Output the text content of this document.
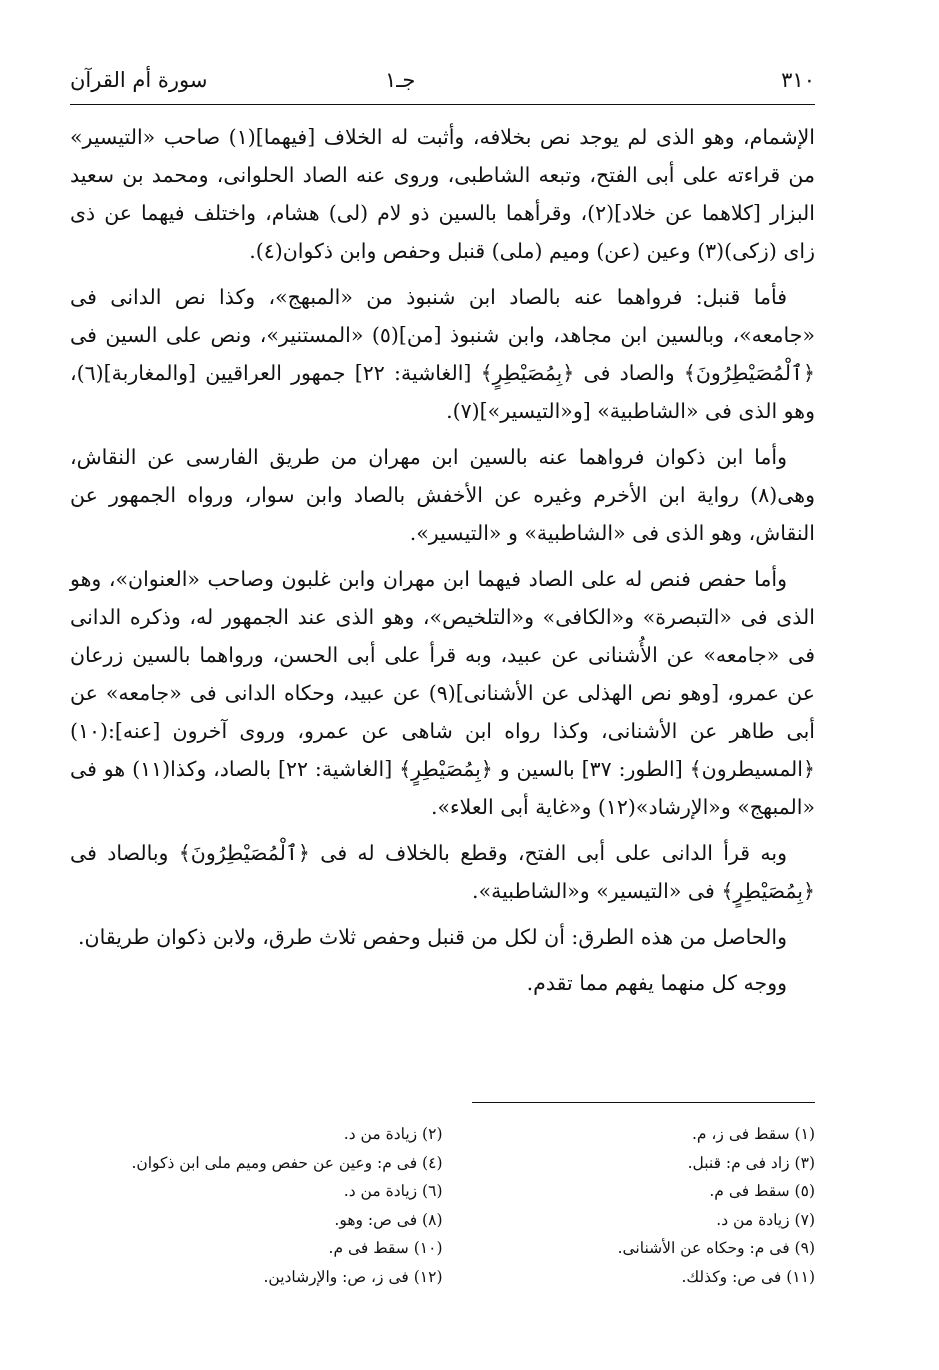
٣١٠
جـ١
سورة أم القرآن

الإشمام، وهو الذى لم يوجد نص بخلافه، وأثبت له الخلاف [فيهما](١) صاحب «التيسير» من قراءته على أبى الفتح، وتبعه الشاطبى، وروى عنه الصاد الحلوانى، ومحمد بن سعيد البزار [كلاهما عن خلاد](٢)، وقرأهما بالسين ذو لام (لى) هشام، واختلف فيهما عن ذى زاى (زكى)(٣) وعين (عن) وميم (ملى) قنبل وحفص وابن ذكوان(٤).

فأما قنبل: فرواهما عنه بالصاد ابن شنبوذ من «المبهج»، وكذا نص الدانى فى «جامعه»، وبالسين ابن مجاهد، وابن شنبوذ [من](٥) «المستنير»، ونص على السين فى ﴿ٱلْمُصَيْطِرُونَ﴾ والصاد فى ﴿بِمُصَيْطِرٍ﴾ [الغاشية: ٢٢] جمهور العراقيين [والمغاربة](٦)، وهو الذى فى «الشاطبية» [و«التيسير»](٧).

وأما ابن ذكوان فرواهما عنه بالسين ابن مهران من طريق الفارسى عن النقاش، وهى(٨) رواية ابن الأخرم وغيره عن الأخفش بالصاد وابن سوار، ورواه الجمهور عن النقاش، وهو الذى فى «الشاطبية» و «التيسير».

وأما حفص فنص له على الصاد فيهما ابن مهران وابن غلبون وصاحب «العنوان»، وهو الذى فى «التبصرة» و«الكافى» و«التلخيص»، وهو الذى عند الجمهور له، وذكره الدانى فى «جامعه» عن الأُشنانى عن عبيد، وبه قرأ على أبى الحسن، ورواهما بالسين زرعان عن عمرو، [وهو نص الهذلى عن الأشنانى](٩) عن عبيد، وحكاه الدانى فى «جامعه» عن أبى طاهر عن الأشنانى، وكذا رواه ابن شاهى عن عمرو، وروى آخرون [عنه]:(١٠) ﴿المسيطرون﴾ [الطور: ٣٧] بالسين و ﴿بِمُصَيْطِرٍ﴾ [الغاشية: ٢٢] بالصاد، وكذا(١١) هو فى «المبهج» و«الإرشاد»(١٢) و«غاية أبى العلاء».

وبه قرأ الدانى على أبى الفتح، وقطع بالخلاف له فى ﴿ٱلْمُصَيْطِرُونَ﴾ وبالصاد فى ﴿بِمُصَيْطِرٍ﴾ فى «التيسير» و«الشاطبية».

والحاصل من هذه الطرق: أن لكل من قنبل وحفص ثلاث طرق، ولابن ذكوان طريقان.

ووجه كل منهما يفهم مما تقدم.

(١) سقط فى ز، م.
(٢) زيادة من د.
(٣) زاد فى م: قنبل.
(٤) فى م: وعين عن حفص وميم ملى ابن ذكوان.
(٥) سقط فى م.
(٦) زيادة من د.
(٧) زيادة من د.
(٨) فى ص: وهو.
(٩) فى م: وحكاه عن الأشنانى.
(١٠) سقط فى م.
(١١) فى ص: وكذلك.
(١٢) فى ز، ص: والإرشادين.
